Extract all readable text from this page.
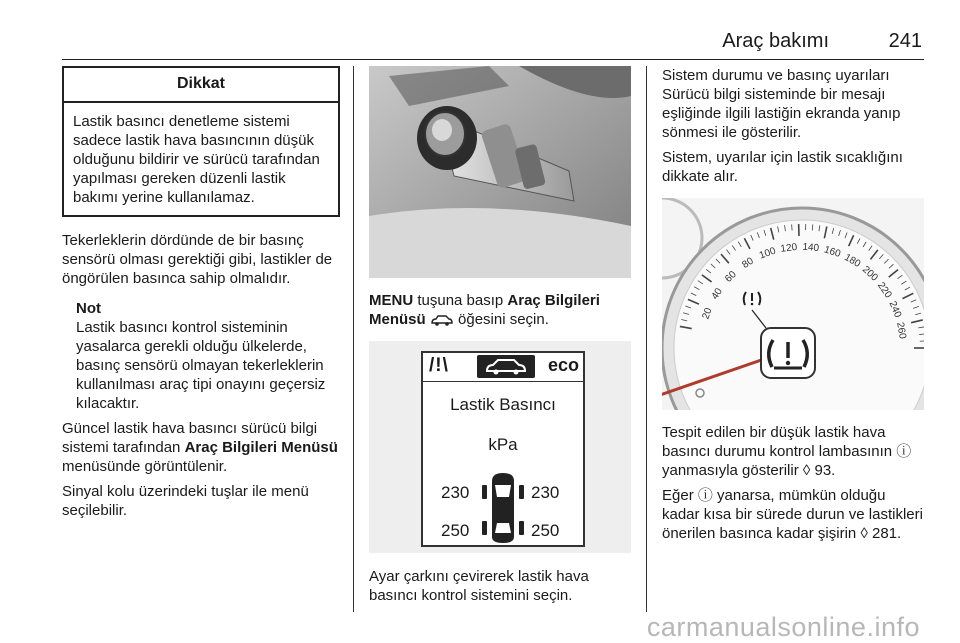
Araç bakımı	241
Dikkat
Lastik basıncı denetleme sistemi sadece lastik hava basıncının düşük olduğunu bildirir ve sürücü tarafından yapılması gereken düzenli lastik bakımı yerine kullanılamaz.

Tekerleklerin dördünde de bir basınç sensörü olması gerektiği gibi, lastikler de öngörülen basınca sahip olmalıdır.

Not

Lastik basıncı kontrol sisteminin yasalarca gerekli olduğu ülkelerde, basınç sensörü olmayan tekerleklerin kullanılması araç tipi onayını geçersiz kılacaktır.

Güncel lastik hava basıncı sürücü bilgi sistemi tarafından Araç Bilgileri Menüsü menüsünde görüntülenir.

Sinyal kolu üzerindeki tuşlar ile menü seçilebilir.

MENU tuşuna basıp Araç Bilgileri Menüsü  öğesini seçin.

/!\	eco
Lastik Basıncı
kPa
230	230
250	250

Ayar çarkını çevirerek lastik hava basıncı kontrol sistemini seçin.

Sistem durumu ve basınç uyarıları Sürücü bilgi sisteminde bir mesajı eşliğinde ilgili lastiğin ekranda yanıp sönmesi ile gösterilir.

Sistem, uyarılar için lastik sıcaklığını dikkate alır.

20
40
60
80
100 120 140 160 180
200
220
240
260

Tespit edilen bir düşük lastik hava basıncı durumu kontrol lambasının ⓘ yanmasıyla gösterilir ◊ 93.

Eğer ⓘ yanarsa, mümkün olduğu kadar kısa bir sürede durun ve lastikleri önerilen basınca kadar şişirin ◊ 281.

carmanualsonline.info
